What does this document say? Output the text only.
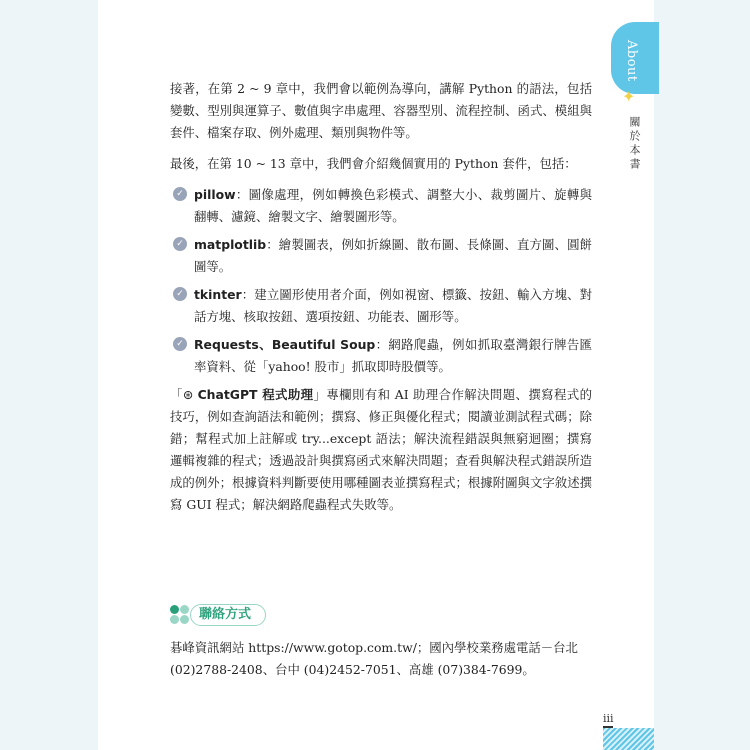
About
✦
關於本書

接著，在第 2 ~ 9 章中，我們會以範例為導向，講解 Python 的語法，包括變數、型別與運算子、數值與字串處理、容器型別、流程控制、函式、模組與套件、檔案存取、例外處理、類別與物件等。

最後，在第 10 ~ 13 章中，我們會介紹幾個實用的 Python 套件，包括：

✓ pillow：圖像處理，例如轉換色彩模式、調整大小、裁剪圖片、旋轉與翻轉、濾鏡、繪製文字、繪製圖形等。
✓ matplotlib：繪製圖表，例如折線圖、散布圖、長條圖、直方圖、圓餅圖等。
✓ tkinter：建立圖形使用者介面，例如視窗、標籤、按鈕、輸入方塊、對話方塊、核取按鈕、選項按鈕、功能表、圖形等。
✓ Requests、Beautiful Soup：網路爬蟲，例如抓取臺灣銀行牌告匯率資料、從「yahoo! 股市」抓取即時股價等。

「⊛ ChatGPT 程式助理」專欄則有和 AI 助理合作解決問題、撰寫程式的技巧，例如查詢語法和範例；撰寫、修正與優化程式；閱讀並測試程式碼；除錯；幫程式加上註解或 try...except 語法；解決流程錯誤與無窮迴圈；撰寫邏輯複雜的程式；透過設計與撰寫函式來解決問題；查看與解決程式錯誤所造成的例外；根據資料判斷要使用哪種圖表並撰寫程式；根據附圖與文字敘述撰寫 GUI 程式；解決網路爬蟲程式失敗等。

聯絡方式

碁峰資訊網站 https://www.gotop.com.tw/；國內學校業務處電話－台北 (02)2788-2408、台中 (04)2452-7051、高雄 (07)384-7699。

iii
